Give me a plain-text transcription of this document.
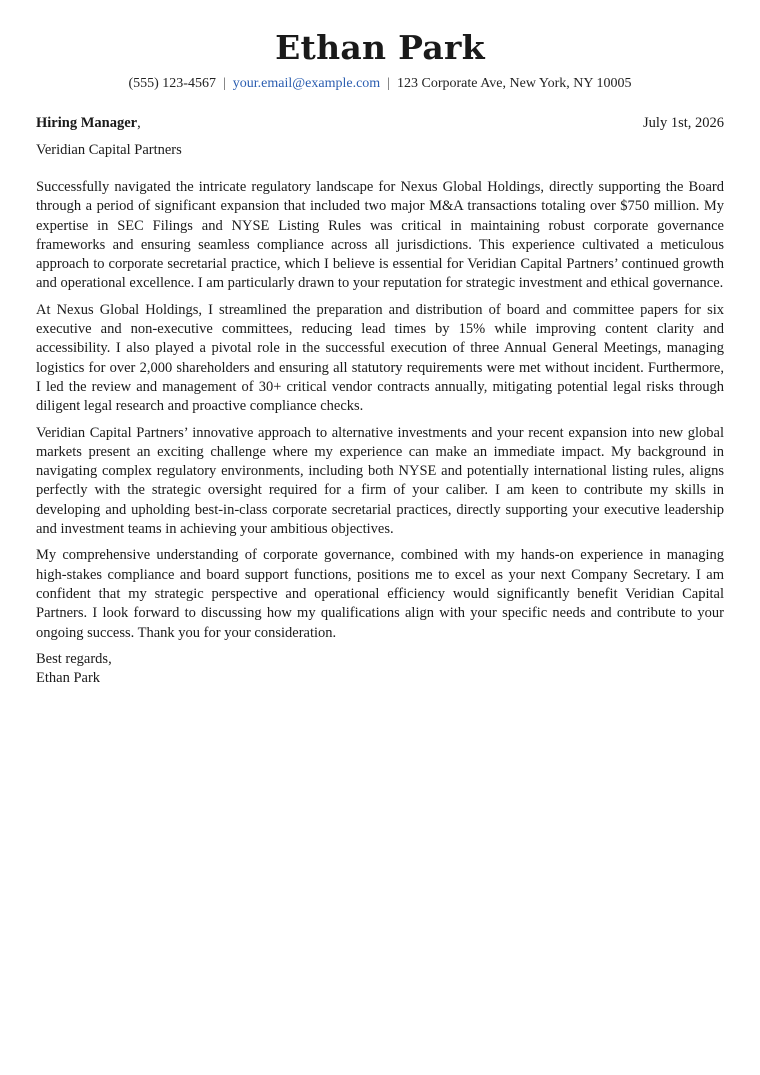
Ethan Park
(555) 123-4567 | your.email@example.com | 123 Corporate Ave, New York, NY 10005
Hiring Manager,	July 1st, 2026
Veridian Capital Partners

Successfully navigated the intricate regulatory landscape for Nexus Global Holdings, directly supporting the Board through a period of significant expansion that included two major M&A transactions totaling over $750 million. My expertise in SEC Filings and NYSE Listing Rules was critical in maintaining robust corporate governance frameworks and ensuring seamless compliance across all jurisdictions. This experience cultivated a meticulous approach to corporate secretarial practice, which I believe is essential for Veridian Capital Partners’ continued growth and operational excellence. I am particularly drawn to your reputation for strategic investment and ethical governance.

At Nexus Global Holdings, I streamlined the preparation and distribution of board and committee papers for six executive and non-executive committees, reducing lead times by 15% while improving content clarity and accessibility. I also played a pivotal role in the successful execution of three Annual General Meetings, managing logistics for over 2,000 shareholders and ensuring all statutory requirements were met without incident. Furthermore, I led the review and management of 30+ critical vendor contracts annually, mitigating potential legal risks through diligent legal research and proactive compliance checks.

Veridian Capital Partners’ innovative approach to alternative investments and your recent expansion into new global markets present an exciting challenge where my experience can make an immediate impact. My background in navigating complex regulatory environments, including both NYSE and potentially international listing rules, aligns perfectly with the strategic oversight required for a firm of your caliber. I am keen to contribute my skills in developing and upholding best-in-class corporate secretarial practices, directly supporting your executive leadership and investment teams in achieving your ambitious objectives.

My comprehensive understanding of corporate governance, combined with my hands-on experience in managing high-stakes compliance and board support functions, positions me to excel as your next Company Secretary. I am confident that my strategic perspective and operational efficiency would significantly benefit Veridian Capital Partners. I look forward to discussing how my qualifications align with your specific needs and contribute to your ongoing success. Thank you for your consideration.

Best regards,
Ethan Park
